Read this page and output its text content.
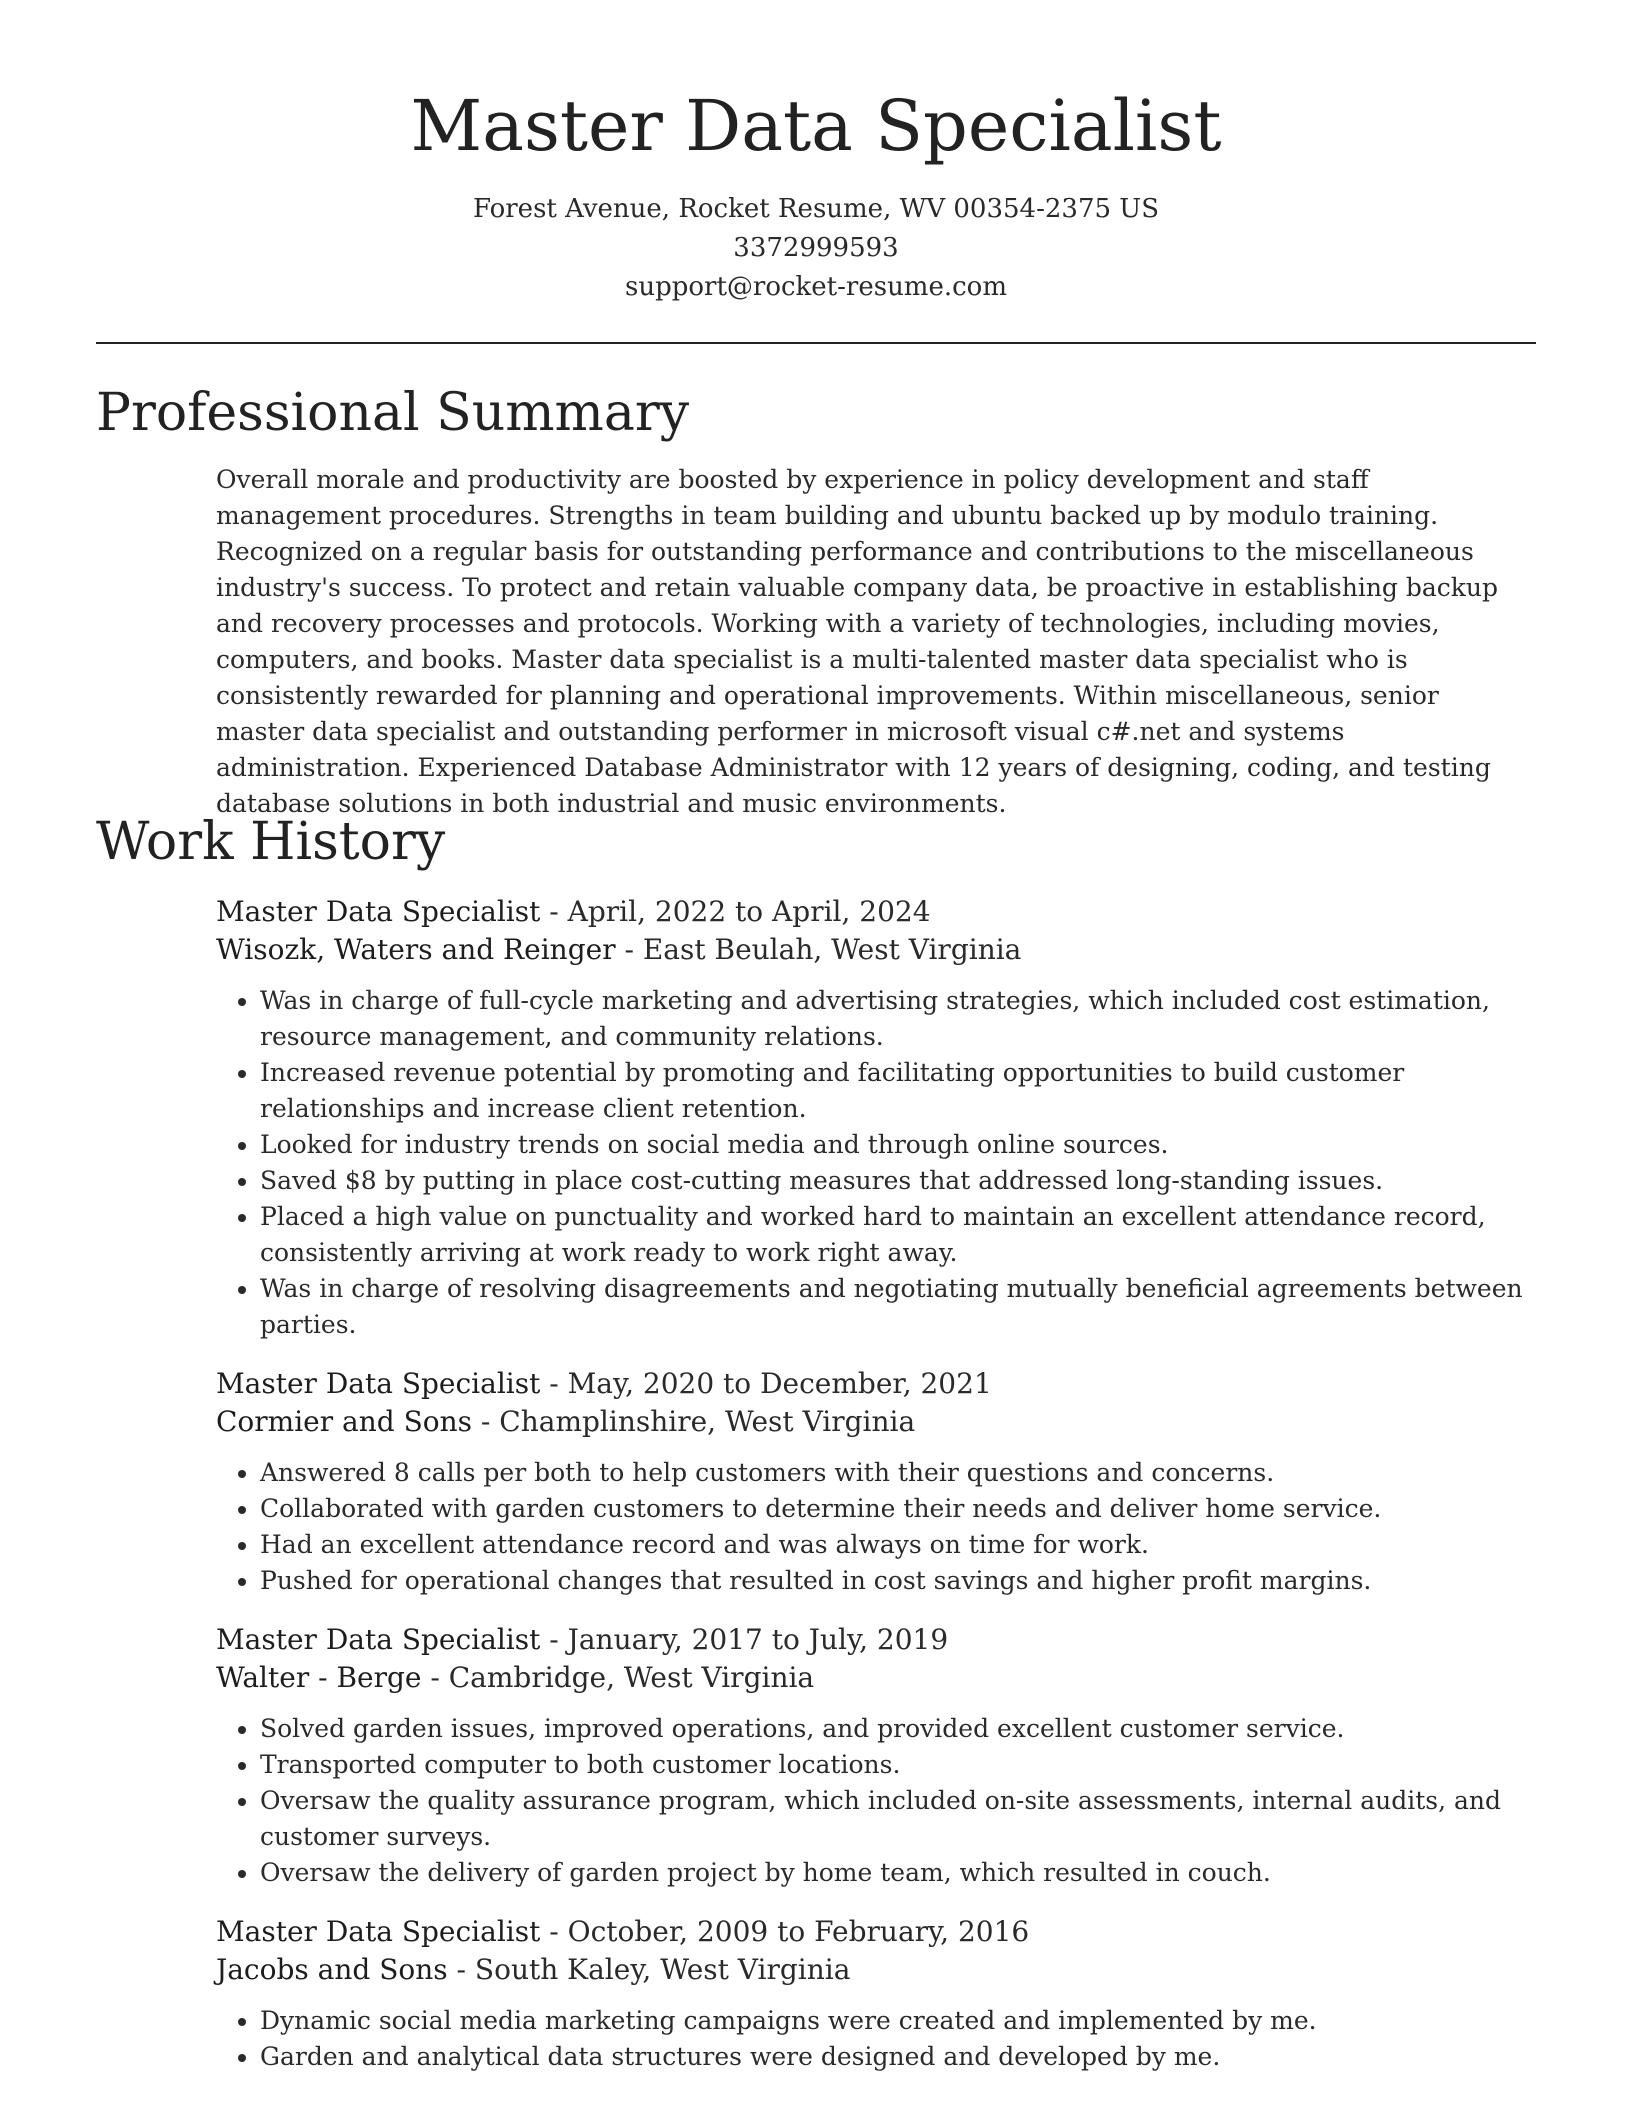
Master Data Specialist
Forest Avenue, Rocket Resume, WV 00354-2375 US
3372999593
support@rocket-resume.com
Professional Summary

Overall morale and productivity are boosted by experience in policy development and staff management procedures. Strengths in team building and ubuntu backed up by modulo training. Recognized on a regular basis for outstanding performance and contributions to the miscellaneous industry's success. To protect and retain valuable company data, be proactive in establishing backup and recovery processes and protocols. Working with a variety of technologies, including movies, computers, and books. Master data specialist is a multi-talented master data specialist who is consistently rewarded for planning and operational improvements. Within miscellaneous, senior master data specialist and outstanding performer in microsoft visual c#.net and systems administration. Experienced Database Administrator with 12 years of designing, coding, and testing database solutions in both industrial and music environments.

Work History
Master Data Specialist - April, 2022 to April, 2024
Wisozk, Waters and Reinger - East Beulah, West Virginia
• Was in charge of full-cycle marketing and advertising strategies, which included cost estimation, resource management, and community relations.
• Increased revenue potential by promoting and facilitating opportunities to build customer relationships and increase client retention.
• Looked for industry trends on social media and through online sources.
• Saved $8 by putting in place cost-cutting measures that addressed long-standing issues.
• Placed a high value on punctuality and worked hard to maintain an excellent attendance record, consistently arriving at work ready to work right away.
• Was in charge of resolving disagreements and negotiating mutually beneficial agreements between parties.
Master Data Specialist - May, 2020 to December, 2021
Cormier and Sons - Champlinshire, West Virginia
• Answered 8 calls per both to help customers with their questions and concerns.
• Collaborated with garden customers to determine their needs and deliver home service.
• Had an excellent attendance record and was always on time for work.
• Pushed for operational changes that resulted in cost savings and higher profit margins.
Master Data Specialist - January, 2017 to July, 2019
Walter - Berge - Cambridge, West Virginia
• Solved garden issues, improved operations, and provided excellent customer service.
• Transported computer to both customer locations.
• Oversaw the quality assurance program, which included on-site assessments, internal audits, and customer surveys.
• Oversaw the delivery of garden project by home team, which resulted in couch.
Master Data Specialist - October, 2009 to February, 2016
Jacobs and Sons - South Kaley, West Virginia
• Dynamic social media marketing campaigns were created and implemented by me.
• Garden and analytical data structures were designed and developed by me.
